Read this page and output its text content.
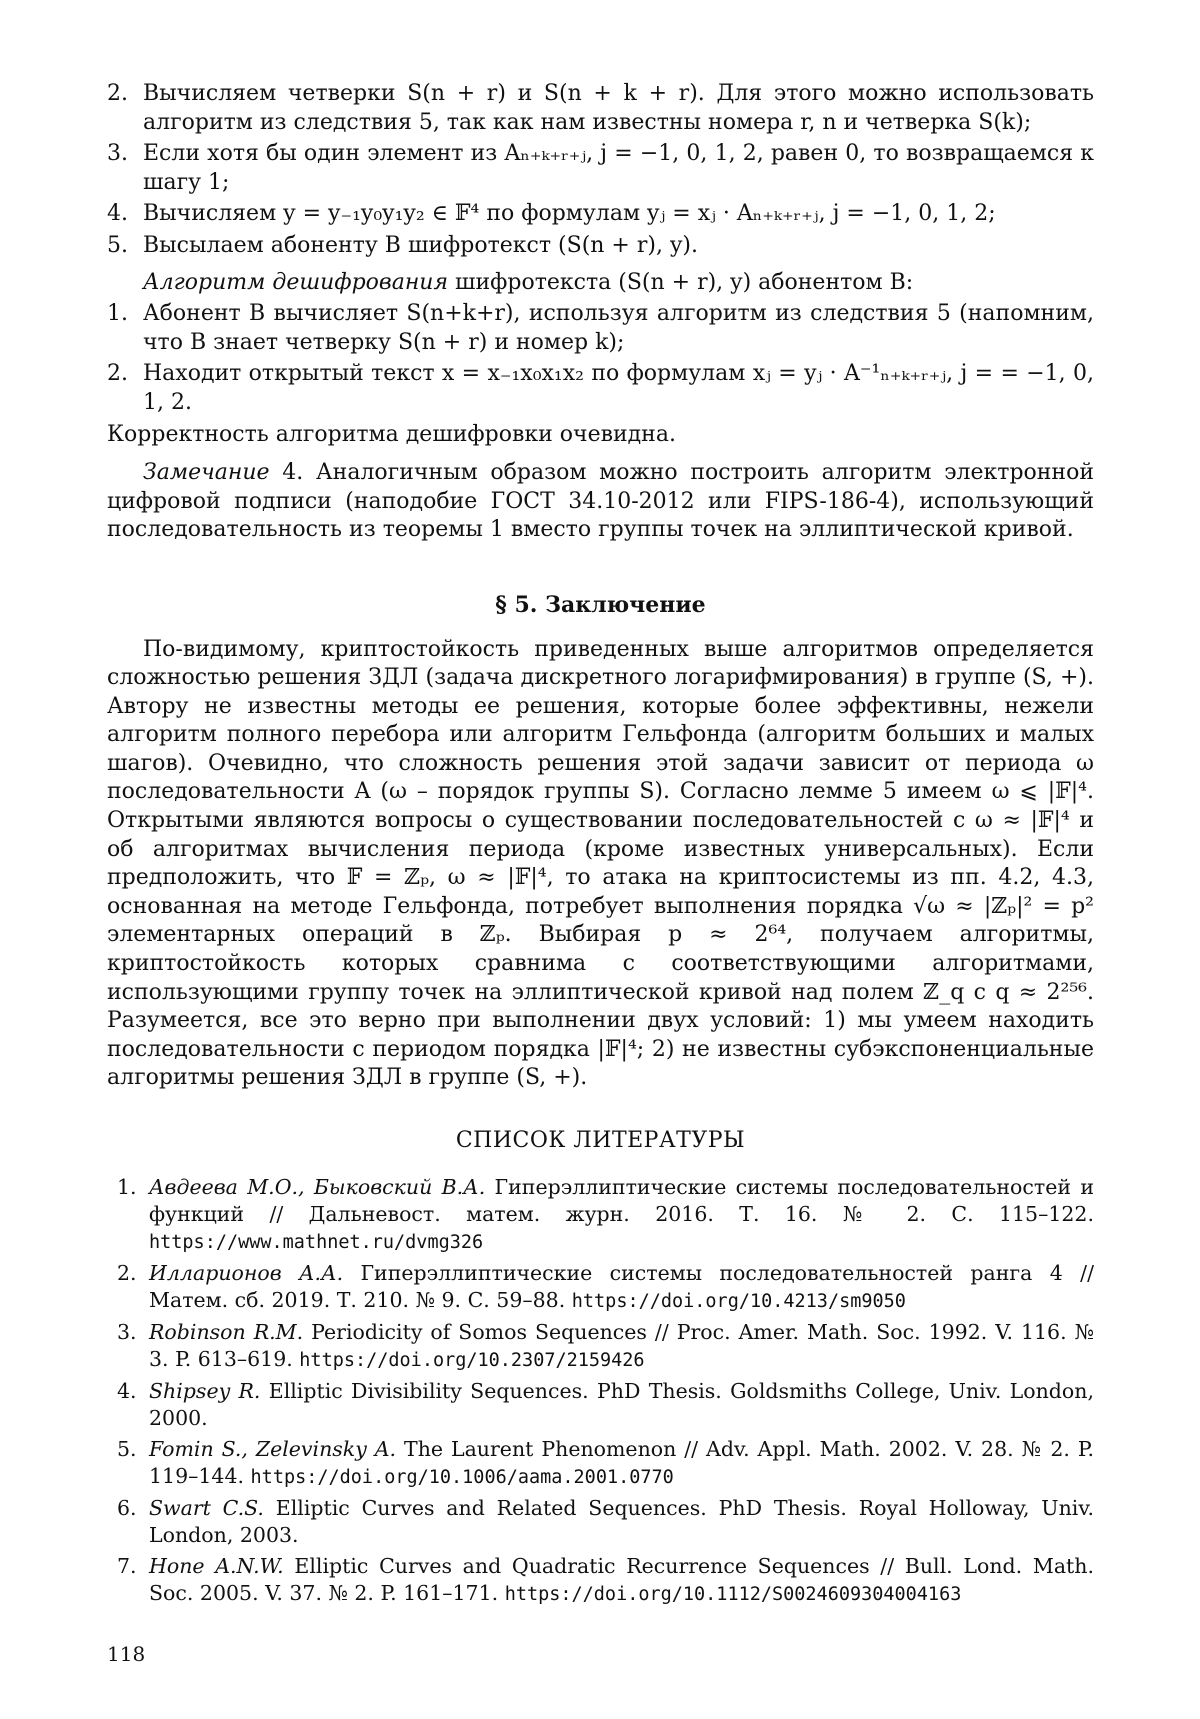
2. Вычисляем четверки S(n + r) и S(n + k + r). Для этого можно использовать алгоритм из следствия 5, так как нам известны номера r, n и четверка S(k);
3. Если хотя бы один элемент из Aₙ₊ₖ₊ᵣ₊ⱼ, j = −1, 0, 1, 2, равен 0, то возвращаемся к шагу 1;
4. Вычисляем y = y₋₁y₀y₁y₂ ∈ 𝔽⁴ по формулам yⱼ = xⱼ · Aₙ₊ₖ₊ᵣ₊ⱼ, j = −1, 0, 1, 2;
5. Высылаем абоненту B шифротекст (S(n + r), y).

Алгоритм дешифрования шифротекста (S(n + r), y) абонентом B:

1. Абонент B вычисляет S(n+k+r), используя алгоритм из следствия 5 (напомним, что B знает четверку S(n + r) и номер k);
2. Находит открытый текст x = x₋₁x₀x₁x₂ по формулам xⱼ = yⱼ · A⁻¹ₙ₊ₖ₊ᵣ₊ⱼ, j = = −1, 0, 1, 2.

Корректность алгоритма дешифровки очевидна.

Замечание 4. Аналогичным образом можно построить алгоритм электронной цифровой подписи (наподобие ГОСТ 34.10-2012 или FIPS-186-4), использующий последовательность из теоремы 1 вместо группы точек на эллиптической кривой.

§ 5. Заключение

По-видимому, криптостойкость приведенных выше алгоритмов определяется сложностью решения ЗДЛ (задача дискретного логарифмирования) в группе (S, +). Автору не известны методы ее решения, которые более эффективны, нежели алгоритм полного перебора или алгоритм Гельфонда (алгоритм больших и малых шагов). Очевидно, что сложность решения этой задачи зависит от периода ω последовательности A (ω – порядок группы S). Согласно лемме 5 имеем ω ⩽ |𝔽|⁴. Открытыми являются вопросы о существовании последовательностей с ω ≈ |𝔽|⁴ и об алгоритмах вычисления периода (кроме известных универсальных). Если предположить, что 𝔽 = ℤₚ, ω ≈ |𝔽|⁴, то атака на криптосистемы из пп. 4.2, 4.3, основанная на методе Гельфонда, потребует выполнения порядка √ω ≈ |ℤₚ|² = p² элементарных операций в ℤₚ. Выбирая p ≈ 2⁶⁴, получаем алгоритмы, криптостойкость которых сравнима с соответствующими алгоритмами, использующими группу точек на эллиптической кривой над полем ℤ_q с q ≈ 2²⁵⁶. Разумеется, все это верно при выполнении двух условий: 1) мы умеем находить последовательности с периодом порядка |𝔽|⁴; 2) не известны субэкспоненциальные алгоритмы решения ЗДЛ в группе (S, +).

СПИСОК ЛИТЕРАТУРЫ
1. Авдеева М.О., Быковский В.А. Гиперэллиптические системы последовательностей и функций // Дальневост. матем. журн. 2016. Т. 16. № 2. С. 115–122. https://www.mathnet.ru/dvmg326
2. Илларионов А.А. Гиперэллиптические системы последовательностей ранга 4 // Матем. сб. 2019. Т. 210. № 9. С. 59–88. https://doi.org/10.4213/sm9050
3. Robinson R.M. Periodicity of Somos Sequences // Proc. Amer. Math. Soc. 1992. V. 116. № 3. P. 613–619. https://doi.org/10.2307/2159426
4. Shipsey R. Elliptic Divisibility Sequences. PhD Thesis. Goldsmiths College, Univ. London, 2000.
5. Fomin S., Zelevinsky A. The Laurent Phenomenon // Adv. Appl. Math. 2002. V. 28. № 2. P. 119–144. https://doi.org/10.1006/aama.2001.0770
6. Swart C.S. Elliptic Curves and Related Sequences. PhD Thesis. Royal Holloway, Univ. London, 2003.
7. Hone A.N.W. Elliptic Curves and Quadratic Recurrence Sequences // Bull. Lond. Math. Soc. 2005. V. 37. № 2. P. 161–171. https://doi.org/10.1112/S0024609304004163
118
